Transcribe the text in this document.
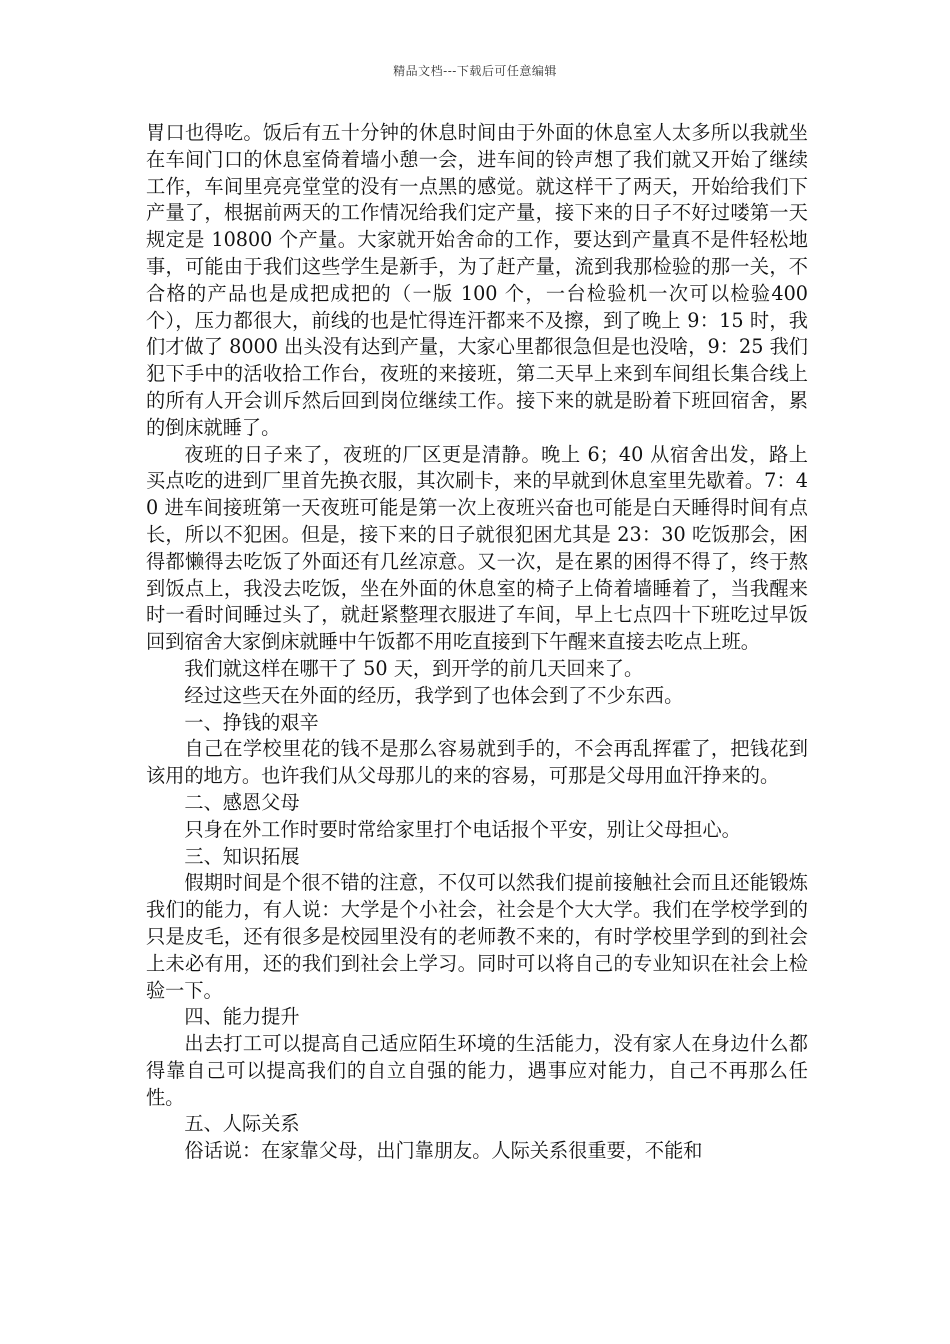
精品文档---下载后可任意编辑

胃口也得吃。饭后有五十分钟的休息时间由于外面的休息室人太多所以我就坐在车间门口的休息室倚着墙小憩一会，进车间的铃声想了我们就又开始了继续工作，车间里亮亮堂堂的没有一点黑的感觉。就这样干了两天，开始给我们下产量了，根据前两天的工作情况给我们定产量，接下来的日子不好过喽第一天规定是 10800 个产量。大家就开始舍命的工作，要达到产量真不是件轻松地事，可能由于我们这些学生是新手，为了赶产量，流到我那检验的那一关，不合格的产品也是成把成把的（一版 100 个，一台检验机一次可以检验400 个），压力都很大，前线的也是忙得连汗都来不及擦，到了晚上 9：15 时，我们才做了 8000 出头没有达到产量，大家心里都很急但是也没啥，9：25 我们犯下手中的活收拾工作台，夜班的来接班，第二天早上来到车间组长集合线上的所有人开会训斥然后回到岗位继续工作。接下来的就是盼着下班回宿舍，累的倒床就睡了。

夜班的日子来了，夜班的厂区更是清静。晚上 6；40 从宿舍出发，路上买点吃的进到厂里首先换衣服，其次刷卡，来的早就到休息室里先歇着。7：40 进车间接班第一天夜班可能是第一次上夜班兴奋也可能是白天睡得时间有点长，所以不犯困。但是，接下来的日子就很犯困尤其是 23：30 吃饭那会，困得都懒得去吃饭了外面还有几丝凉意。又一次，是在累的困得不得了，终于熬到饭点上，我没去吃饭，坐在外面的休息室的椅子上倚着墙睡着了，当我醒来时一看时间睡过头了，就赶紧整理衣服进了车间，早上七点四十下班吃过早饭回到宿舍大家倒床就睡中午饭都不用吃直接到下午醒来直接去吃点上班。

我们就这样在哪干了 50 天，到开学的前几天回来了。

经过这些天在外面的经历，我学到了也体会到了不少东西。

一、挣钱的艰辛

自己在学校里花的钱不是那么容易就到手的，不会再乱挥霍了，把钱花到该用的地方。也许我们从父母那儿的来的容易，可那是父母用血汗挣来的。

二、感恩父母

只身在外工作时要时常给家里打个电话报个平安，别让父母担心。

三、知识拓展

假期时间是个很不错的注意，不仅可以然我们提前接触社会而且还能锻炼我们的能力，有人说：大学是个小社会，社会是个大大学。我们在学校学到的只是皮毛，还有很多是校园里没有的老师教不来的，有时学校里学到的到社会上未必有用，还的我们到社会上学习。同时可以将自己的专业知识在社会上检验一下。

四、能力提升

出去打工可以提高自己适应陌生环境的生活能力，没有家人在身边什么都得靠自己可以提高我们的自立自强的能力，遇事应对能力，自己不再那么任性。

五、人际关系

俗话说：在家靠父母，出门靠朋友。人际关系很重要，不能和
